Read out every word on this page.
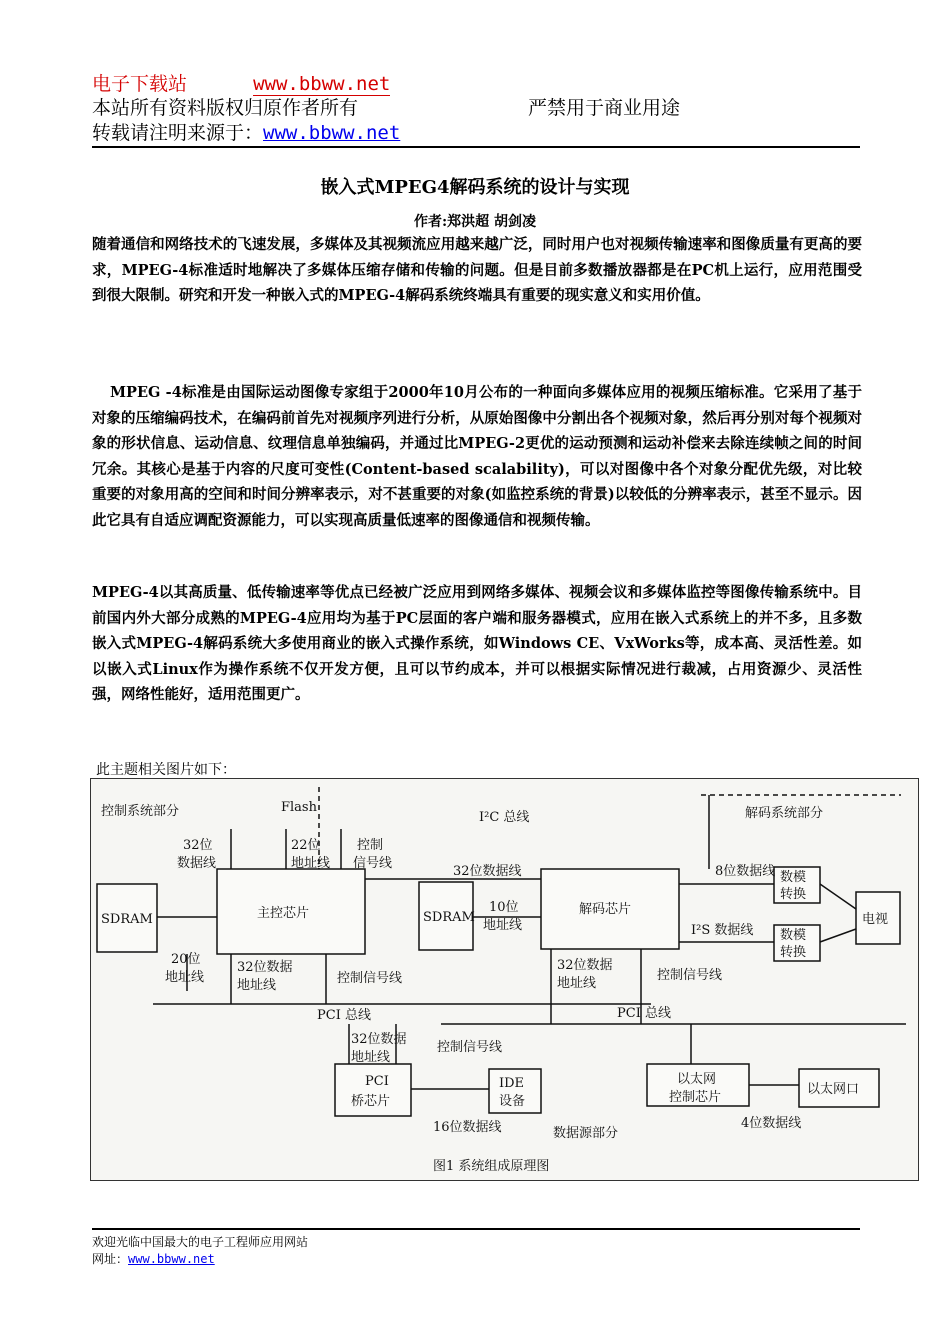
电子下载站	www.bbww.net
本站所有资料版权归原作者所有	严禁用于商业用途
转载请注明来源于：www.bbww.net
嵌入式MPEG4解码系统的设计与实现
作者:郑洪超 胡剑凌

随着通信和网络技术的飞速发展，多媒体及其视频流应用越来越广泛，同时用户也对视频传输速率和图像质量有更高的要求，MPEG-4标准适时地解决了多媒体压缩存储和传输的问题。但是目前多数播放器都是在PC机上运行，应用范围受到很大限制。研究和开发一种嵌入式的MPEG-4解码系统终端具有重要的现实意义和实用价值。

MPEG -4标准是由国际运动图像专家组于2000年10月公布的一种面向多媒体应用的视频压缩标准。它采用了基于对象的压缩编码技术，在编码前首先对视频序列进行分析，从原始图像中分割出各个视频对象，然后再分别对每个视频对象的形状信息、运动信息、纹理信息单独编码，并通过比MPEG-2更优的运动预测和运动补偿来去除连续帧之间的时间冗余。其核心是基于内容的尺度可变性(Content-based scalability)，可以对图像中各个对象分配优先级，对比较重要的对象用高的空间和时间分辨率表示，对不甚重要的对象(如监控系统的背景)以较低的分辨率表示，甚至不显示。因此它具有自适应调配资源能力，可以实现高质量低速率的图像通信和视频传输。

MPEG-4以其高质量、低传输速率等优点已经被广泛应用到网络多媒体、视频会议和多媒体监控等图像传输系统中。目前国内外大部分成熟的MPEG-4应用均为基于PC层面的客户端和服务器模式，应用在嵌入式系统上的并不多，且多数嵌入式MPEG-4解码系统大多使用商业的嵌入式操作系统，如Windows CE、VxWorks等，成本高、灵活性差。如以嵌入式Linux作为操作系统不仅开发方便，且可以节约成本，并可以根据实际情况进行裁减，占用资源少、灵活性强，网络性能好，适用范围更广。

此主题相关图片如下：
控制系统部分	Flash
32位
数据线
22位
地址线
控制
信号线
SDRAM	主控芯片
20位
地址线
32位数据
地址线	控制信号线
I²C 总线	解码系统部分
32位数据线	8位数据线
SDRAM
10位
地址线
解码芯片
I²S 数据线
数模
转换
数模
转换
电视
32位数据
地址线
控制信号线
PCI 总线	PCI 总线
32位数据
地址线
控制信号线
PCI
桥芯片
IDE
设备
以太网
控制芯片
以太网口
4位数据线
16位数据线	数据源部分
图1 系统组成原理图
欢迎光临中国最大的电子工程师应用网站
网址：www.bbww.net
